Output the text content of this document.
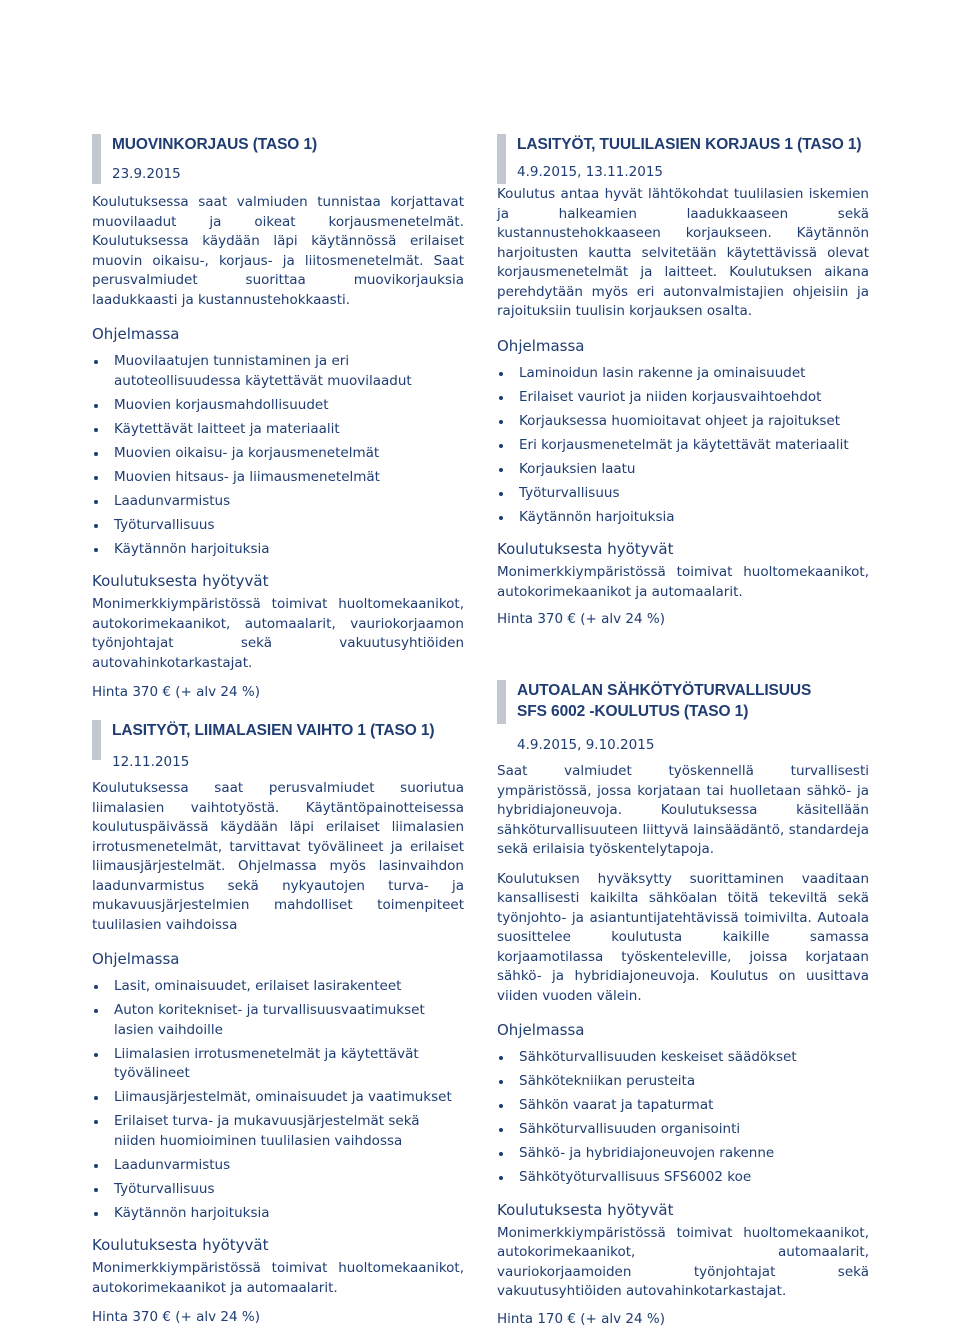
MUOVINKORJAUS (TASO 1)
23.9.2015

Koulutuksessa saat valmiuden tunnistaa korjattavat muovilaadut ja oikeat korjausmenetelmät. Koulutuksessa käydään läpi käytännössä erilaiset muovin oikaisu-, korjaus- ja liitosmenetelmät. Saat perusvalmiudet suorittaa muovikorjauksia laadukkaasti ja kustannustehokkaasti.

Ohjelmassa

Muovilaatujen tunnistaminen ja eri autoteollisuudessa käytettävät muovilaadut
Muovien korjausmahdollisuudet
Käytettävät laitteet ja materiaalit
Muovien oikaisu- ja korjausmenetelmät
Muovien hitsaus- ja liimausmenetelmät
Laadunvarmistus
Työturvallisuus
Käytännön harjoituksia

Koulutuksesta hyötyvät

Monimerkkiympäristössä toimivat huoltomekaanikot, autokorimekaanikot, automaalarit, vauriokorjaamon työnjohtajat sekä vakuutusyhtiöiden autovahinkotarkastajat.

Hinta 370 € (+ alv 24 %)

LASITYÖT, LIIMALASIEN VAIHTO 1 (TASO 1)
12.11.2015

Koulutuksessa saat perusvalmiudet suoriutua liimalasien vaihtotyöstä. Käytäntöpainotteisessa koulutuspäivässä käydään läpi erilaiset liimalasien irrotusmenetelmät, tarvittavat työvälineet ja erilaiset liimausjärjestelmät. Ohjelmassa myös lasinvaihdon laadunvarmistus sekä nykyautojen turva- ja mukavuusjärjestelmien mahdolliset toimenpiteet tuulilasien vaihdoissa

Ohjelmassa

Lasit, ominaisuudet, erilaiset lasirakenteet
Auton koritekniset- ja turvallisuusvaatimukset lasien vaihdoille
Liimalasien irrotusmenetelmät ja käytettävät työvälineet
Liimausjärjestelmät, ominaisuudet ja vaatimukset
Erilaiset turva- ja mukavuusjärjestelmät sekä niiden huomioiminen tuulilasien vaihdossa
Laadunvarmistus
Työturvallisuus
Käytännön harjoituksia

Koulutuksesta hyötyvät

Monimerkkiympäristössä toimivat huoltomekaanikot, autokorimekaanikot ja automaalarit.

Hinta 370 € (+ alv 24 %)

LASITYÖT, TUULILASIEN KORJAUS 1 (TASO 1)
4.9.2015, 13.11.2015

Koulutus antaa hyvät lähtökohdat tuulilasien iskemien ja halkeamien laadukkaaseen sekä kustannustehokkaaseen korjaukseen. Käytännön harjoitusten kautta selvitetään käytettävissä olevat korjausmenetelmät ja laitteet. Koulutuksen aikana perehdytään myös eri autonvalmistajien ohjeisiin ja rajoituksiin tuulisin korjauksen osalta.

Ohjelmassa

Laminoidun lasin rakenne ja ominaisuudet
Erilaiset vauriot ja niiden korjausvaihtoehdot
Korjauksessa huomioitavat ohjeet ja rajoitukset
Eri korjausmenetelmät ja käytettävät materiaalit
Korjauksien laatu
Työturvallisuus
Käytännön harjoituksia

Koulutuksesta hyötyvät

Monimerkkiympäristössä toimivat huoltomekaanikot, autokorimekaanikot ja automaalarit.

Hinta 370 € (+ alv 24 %)

AUTOALAN SÄHKÖTYÖTURVALLISUUS
SFS 6002 -KOULUTUS (TASO 1)
4.9.2015, 9.10.2015

Saat valmiudet työskennellä turvallisesti ympäristössä, jossa korjataan tai huolletaan sähkö- ja hybridiajoneuvoja. Koulutuksessa käsitellään sähköturvallisuuteen liittyvä lainsäädäntö, standardeja sekä erilaisia työskentelytapoja.

Koulutuksen hyväksytty suorittaminen vaaditaan kansallisesti kaikilta sähköalan töitä tekeviltä sekä työnjohto- ja asiantuntijatehtävissä toimivilta. Autoala suosittelee koulutusta kaikille samassa korjaamotilassa työskenteleville, joissa korjataan sähkö- ja hybridiajoneuvoja. Koulutus on uusittava viiden vuoden välein.

Ohjelmassa

Sähköturvallisuuden keskeiset säädökset
Sähkötekniikan perusteita
Sähkön vaarat ja tapaturmat
Sähköturvallisuuden organisointi
Sähkö- ja hybridiajoneuvojen rakenne
Sähkötyöturvallisuus SFS6002 koe

Koulutuksesta hyötyvät

Monimerkkiympäristössä toimivat huoltomekaanikot, autokorimekaanikot, automaalarit, vauriokorjaamoiden työnjohtajat sekä vakuutusyhtiöiden autovahinkotarkastajat.

Hinta 170 € (+ alv 24 %)
